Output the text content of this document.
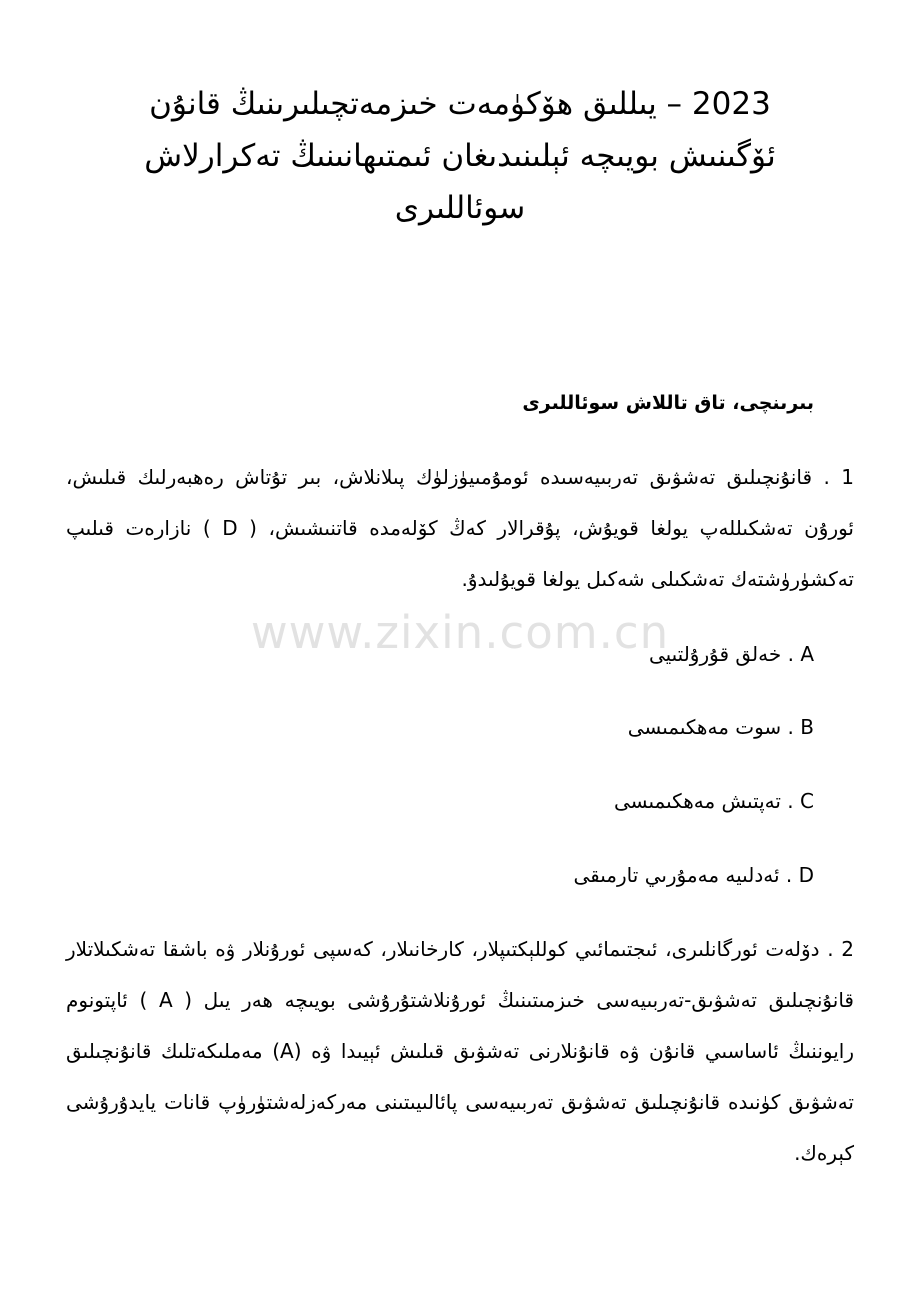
2023 – يىللىق ھۆكۈمەت خىزمەتچىلىرىنىڭ قانۇن
ئۆگىنىش بويىچە ئېلىنىدىغان ئىمتىھانىنىڭ تەكرارلاش
سوئاللىرى
www.zixin.com.cn
بىرىنچى، تاق تاللاش سوئاللىرى
1 . قانۇنچىلىق تەشۋىق تەربىيەسىدە ئومۇمىيۈزلۈك پىلانلاش، بىر تۇتاش رەھبەرلىك قىلىش، ئورۇن تەشكىللەپ يولغا قويۇش، ﭘﯘقرالار كەڭ كۆلەمدە قاتنىشىش، ( D ) نازارەت قىلىپ تەكشۈرۈشتەك تەشكىلى شەكىل يولغا قويۇلىدۇ.
A . خەلق قۇرۇلتىيى
B . سوت مەھكىمىسى
C . تەپتىش مەھكىمىسى
D . ئەدلىيە مەمۇرىي تارمىقى
2 . دۆلەت ئورگانلىرى، ئىجتىمائىي كوللېكتىپلار، كارخانىلار، كەسپى ئورۇنلار ۋە باشقا تەشكىلاتلار قانۇنچىلىق تەشۋىق-تەربىيەسى خىزمىتىنىڭ ئورۇنلاشتۇرۇشى بويىچە ھەر يىل ( A ) ئاپتونوم رايوننىڭ ئاساسىي قانۇن ۋە قانۇنلارنى تەشۋىق قىلىش ئېيىدا ۋە (A) مەملىكەتلىك قانۇنچىلىق تەشۋىق كۈنىدە قانۇنچىلىق تەشۋىق تەربىيەسى پائالىيىتىنى مەركەزلەشتۈرۈپ قانات يايدۇرۇشى كېرەك.
